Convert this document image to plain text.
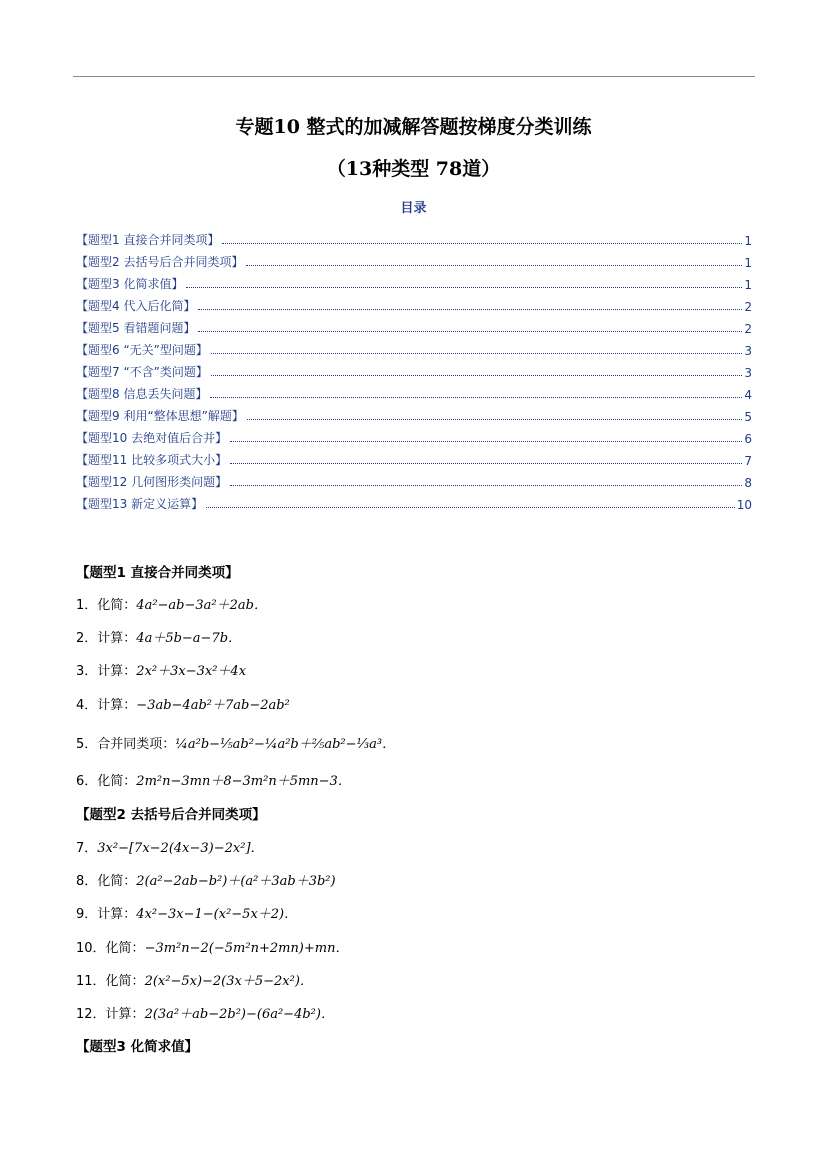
专题10 整式的加减解答题按梯度分类训练
（13种类型 78道）
目录
【题型1 直接合并同类项】	1
【题型2 去括号后合并同类项】	1
【题型3 化简求值】	1
【题型4 代入后化简】	2
【题型5 看错题问题】	2
【题型6 “无关”型问题】	3
【题型7 “不含”类问题】	3
【题型8 信息丢失问题】	4
【题型9 利用“整体思想”解题】	5
【题型10 去绝对值后合并】	6
【题型11 比较多项式大小】	7
【题型12 几何图形类问题】	8
【题型13 新定义运算】	10
【题型1 直接合并同类项】
1．化简：4a²−ab−3a²＋2ab．
2．计算：4a＋5b−a−7b．
3．计算：2x²＋3x−3x²＋4x
4．计算：−3ab−4ab²＋7ab−2ab²
5．合并同类项：¼a²b−⅕ab²−¼a²b＋⅖ab²−⅓a³．
6．化简：2m²n−3mn＋8−3m²n＋5mn−3．
【题型2 去括号后合并同类项】
7．3x²−[7x−2(4x−3)−2x²]．
8．化简：2(a²−2ab−b²)＋(a²＋3ab＋3b²)
9．计算：4x²−3x−1−(x²−5x＋2)．
10．化简：−3m²n−2(−5m²n+2mn)+mn．
11．化简：2(x²−5x)−2(3x＋5−2x²)．
12．计算：2(3a²＋ab−2b²)−(6a²−4b²)．
【题型3 化简求值】
